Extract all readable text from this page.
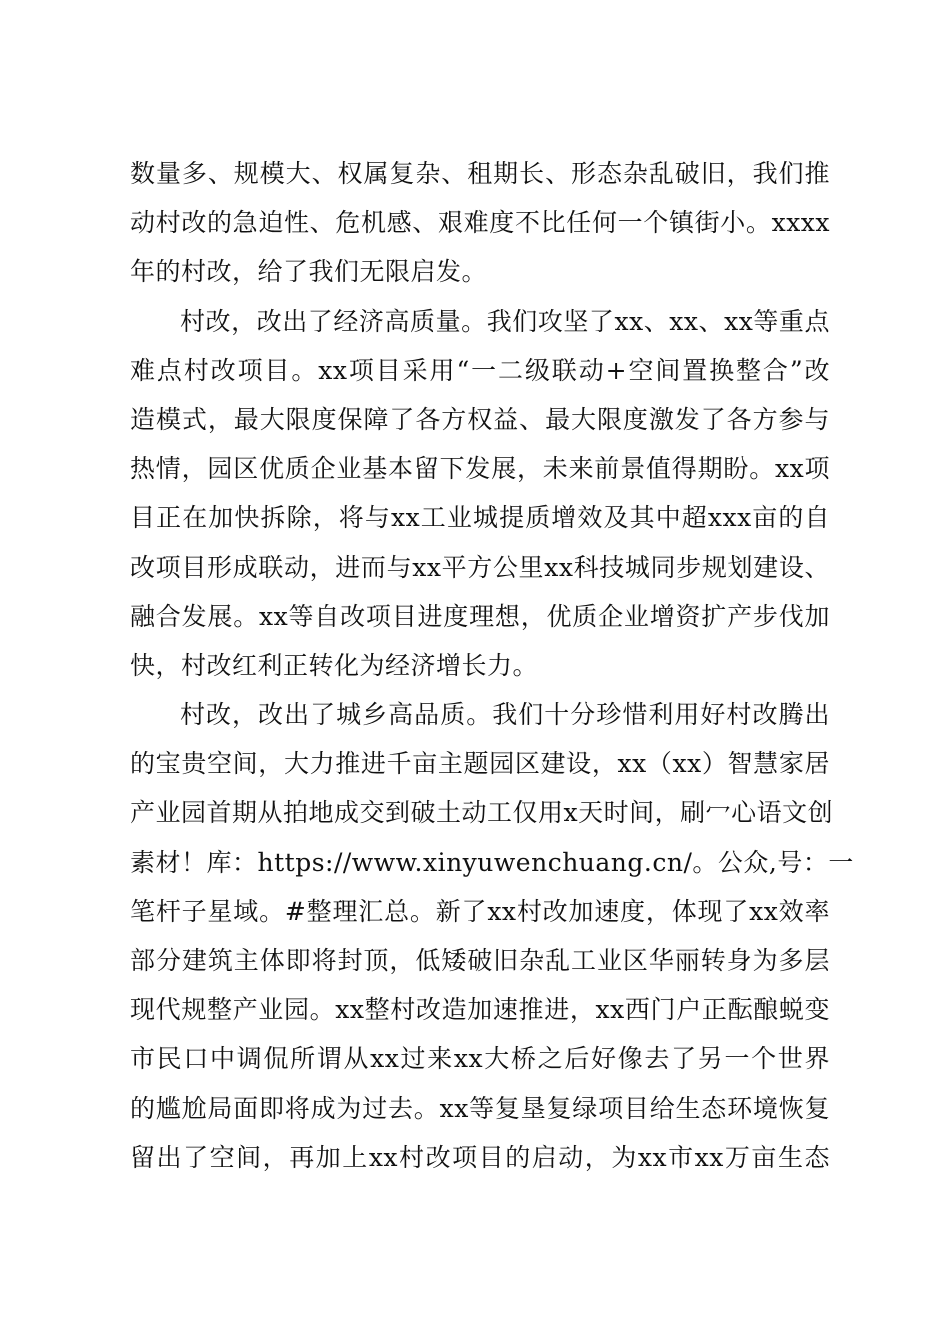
数量多、规模大、权属复杂、租期长、形态杂乱破旧，我们推
动村改的急迫性、危机感、艰难度不比任何一个镇街小。xxxx
年的村改，给了我们无限启发。
村改，改出了经济高质量。我们攻坚了xx、xx、xx等重点
难点村改项目。xx项目采用“一二级联动+空间置换整合”改
造模式，最大限度保障了各方权益、最大限度激发了各方参与
热情，园区优质企业基本留下发展，未来前景值得期盼。xx项
目正在加快拆除，将与xx工业城提质增效及其中超xxx亩的自
改项目形成联动，进而与xx平方公里xx科技城同步规划建设、
融合发展。xx等自改项目进度理想，优质企业增资扩产步伐加
快，村改红利正转化为经济增长力。
村改，改出了城乡高品质。我们十分珍惜利用好村改腾出
的宝贵空间，大力推进千亩主题园区建设，xx（xx）智慧家居
产业园首期从拍地成交到破土动工仅用x天时间，刷冖心语文创
素材！库：https://www.xinyuwenchuang.cn/。公众,号：一
笔杆子星域。#整理汇总。新了xx村改加速度，体现了xx效率
部分建筑主体即将封顶，低矮破旧杂乱工业区华丽转身为多层
现代规整产业园。xx整村改造加速推进，xx西门户正酝酿蜕变
市民口中调侃所谓从xx过来xx大桥之后好像去了另一个世界
的尴尬局面即将成为过去。xx等复垦复绿项目给生态环境恢复
留出了空间，再加上xx村改项目的启动，为xx市xx万亩生态
